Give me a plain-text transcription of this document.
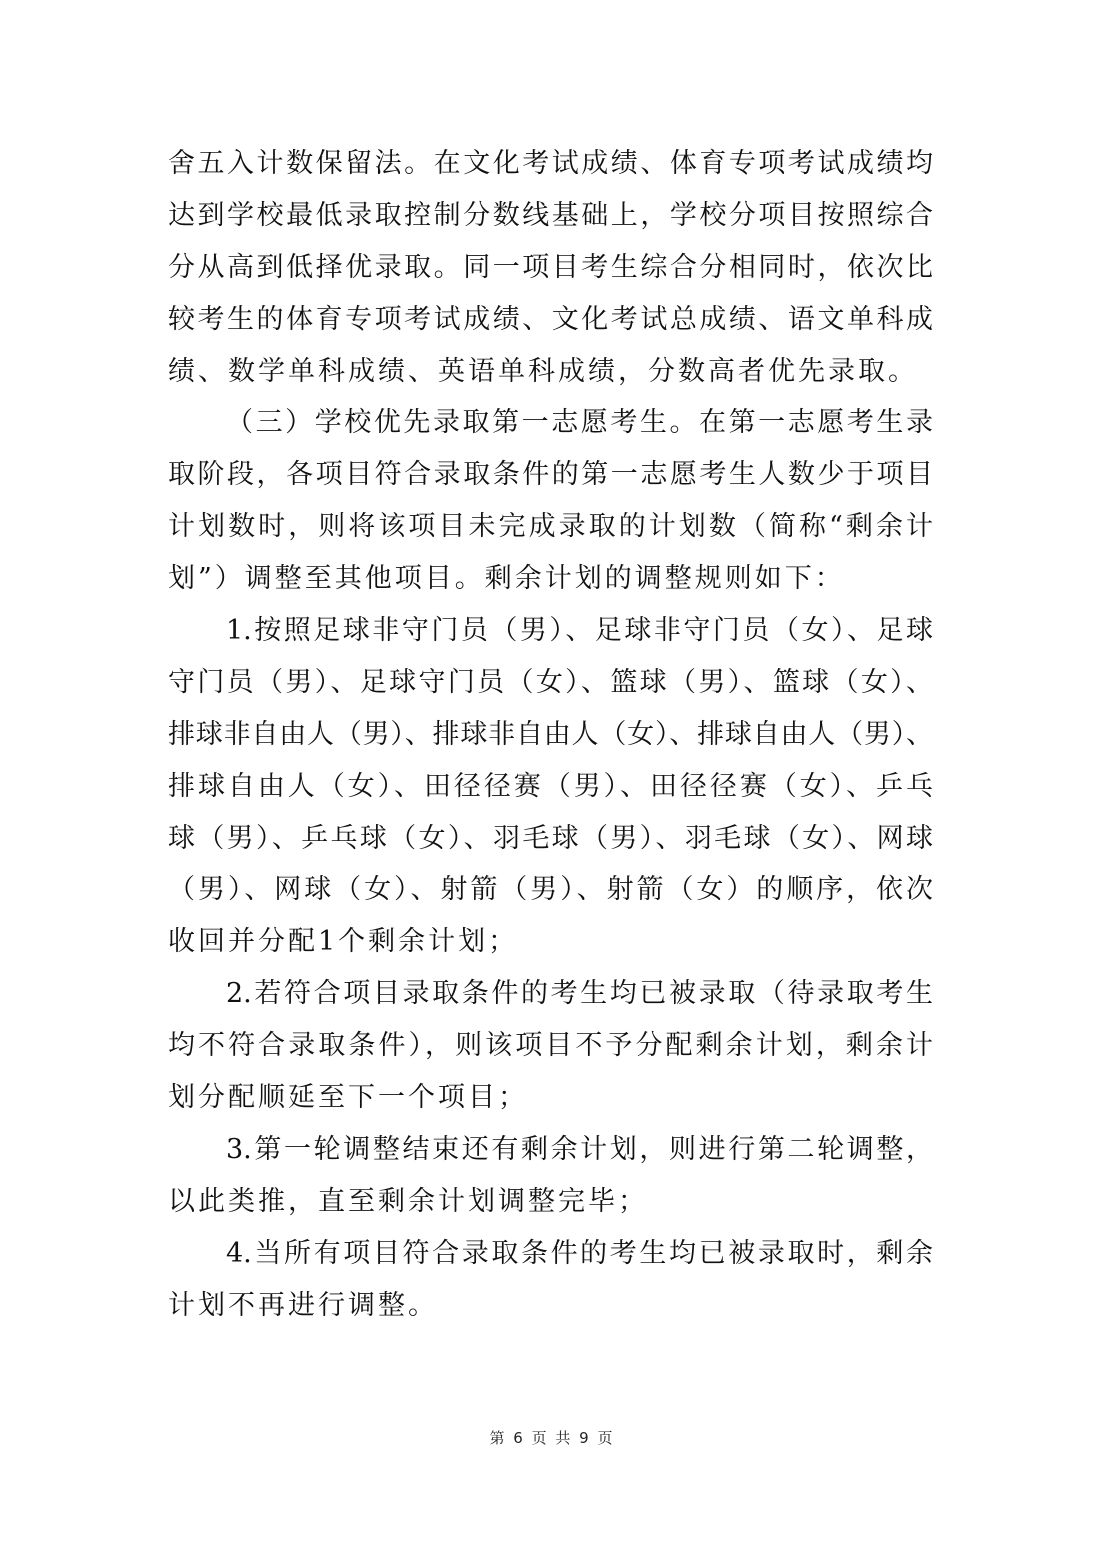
舍五入计数保留法。在文化考试成绩、体育专项考试成绩均
达到学校最低录取控制分数线基础上，学校分项目按照综合
分从高到低择优录取。同一项目考生综合分相同时，依次比
较考生的体育专项考试成绩、文化考试总成绩、语文单科成
绩、数学单科成绩、英语单科成绩，分数高者优先录取。
（三）学校优先录取第一志愿考生。在第一志愿考生录
取阶段，各项目符合录取条件的第一志愿考生人数少于项目
计划数时，则将该项目未完成录取的计划数（简称“剩余计
划”）调整至其他项目。剩余计划的调整规则如下：
1.按照足球非守门员（男）、足球非守门员（女）、足球
守门员（男）、足球守门员（女）、篮球（男）、篮球（女）、
排球非自由人（男）、排球非自由人（女）、排球自由人（男）、
排球自由人（女）、田径径赛（男）、田径径赛（女）、乒乓
球（男）、乒乓球（女）、羽毛球（男）、羽毛球（女）、网球
（男）、网球（女）、射箭（男）、射箭（女）的顺序，依次
收回并分配1个剩余计划；
2.若符合项目录取条件的考生均已被录取（待录取考生
均不符合录取条件），则该项目不予分配剩余计划，剩余计
划分配顺延至下一个项目；
3.第一轮调整结束还有剩余计划，则进行第二轮调整，
以此类推，直至剩余计划调整完毕；
4.当所有项目符合录取条件的考生均已被录取时，剩余
计划不再进行调整。
第 6 页 共 9 页
